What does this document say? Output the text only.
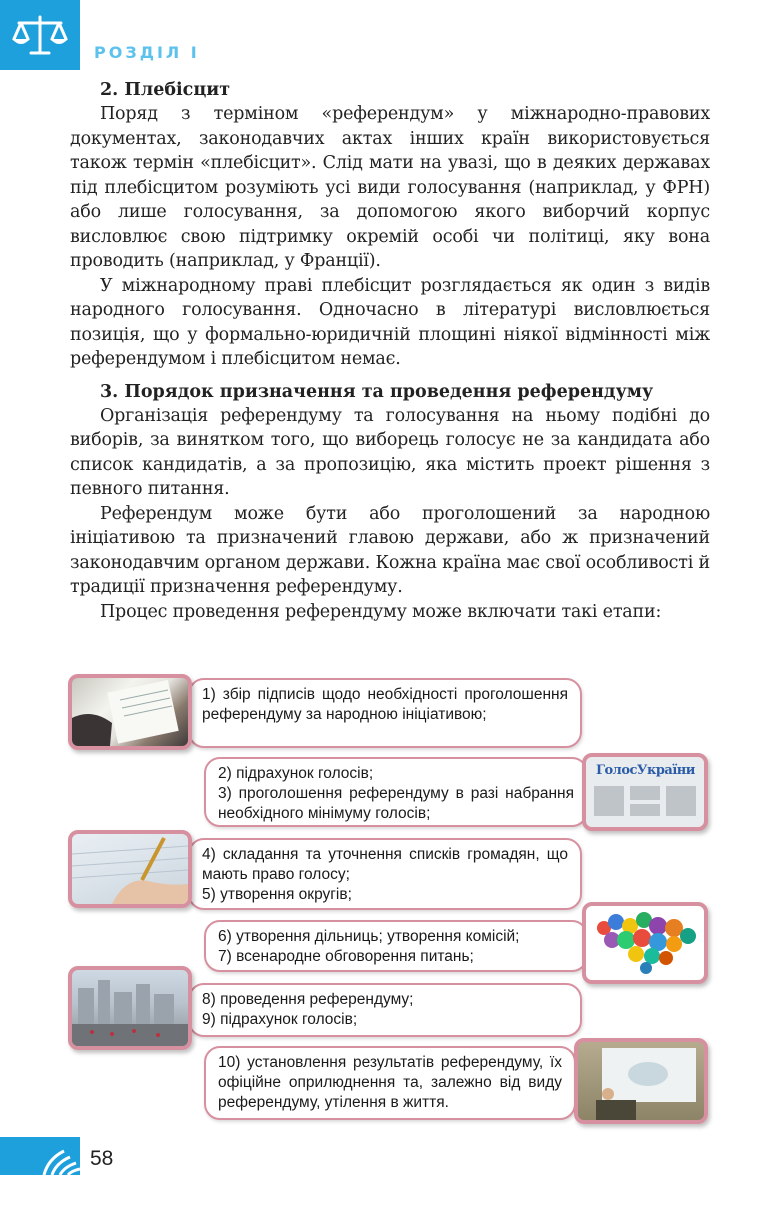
РОЗДІЛ І
2. Плебісцит

Поряд з терміном «референдум» у міжнародно-правових документах, законодавчих актах інших країн використовується також термін «плебісцит». Слід мати на увазі, що в деяких державах під плебісцитом розуміють усі види голосування (наприклад, у ФРН) або лише голосування, за допомогою якого виборчий корпус висловлює свою підтримку окремій особі чи політиці, яку вона проводить (наприклад, у Франції).

У міжнародному праві плебісцит розглядається як один з видів народного голосування. Одночасно в літературі висловлюється позиція, що у формально-юридичній площині ніякої відмінності між референдумом і плебісцитом немає.

3. Порядок призначення та проведення референдуму

Організація референдуму та голосування на ньому подібні до виборів, за винятком того, що виборець голосує не за кандидата або список кандидатів, а за пропозицію, яка містить проект рішення з певного питання.

Референдум може бути або проголошений за народною ініціативою та призначений главою держави, або ж призначений законодавчим органом держави. Кожна країна має свої особливості й традиції призначення референдуму.

Процес проведення референдуму може включати такі етапи:

1) збір підписів щодо необхідності проголошення референдуму за народною ініціативою;
2) підрахунок голосів;
3) проголошення референдуму в разі набрання необхідного мінімуму голосів;
4) складання та уточнення списків громадян, що мають право голосу;
5) утворення округів;
6) утворення дільниць; утворення комісій;
7) всенародне обговорення питань;
8) проведення референдуму;
9) підрахунок голосів;
10) установлення результатів референдуму, їх офіційне оприлюднення та, залежно від виду референдуму, утілення в життя.
ГолосУкраїни
58
